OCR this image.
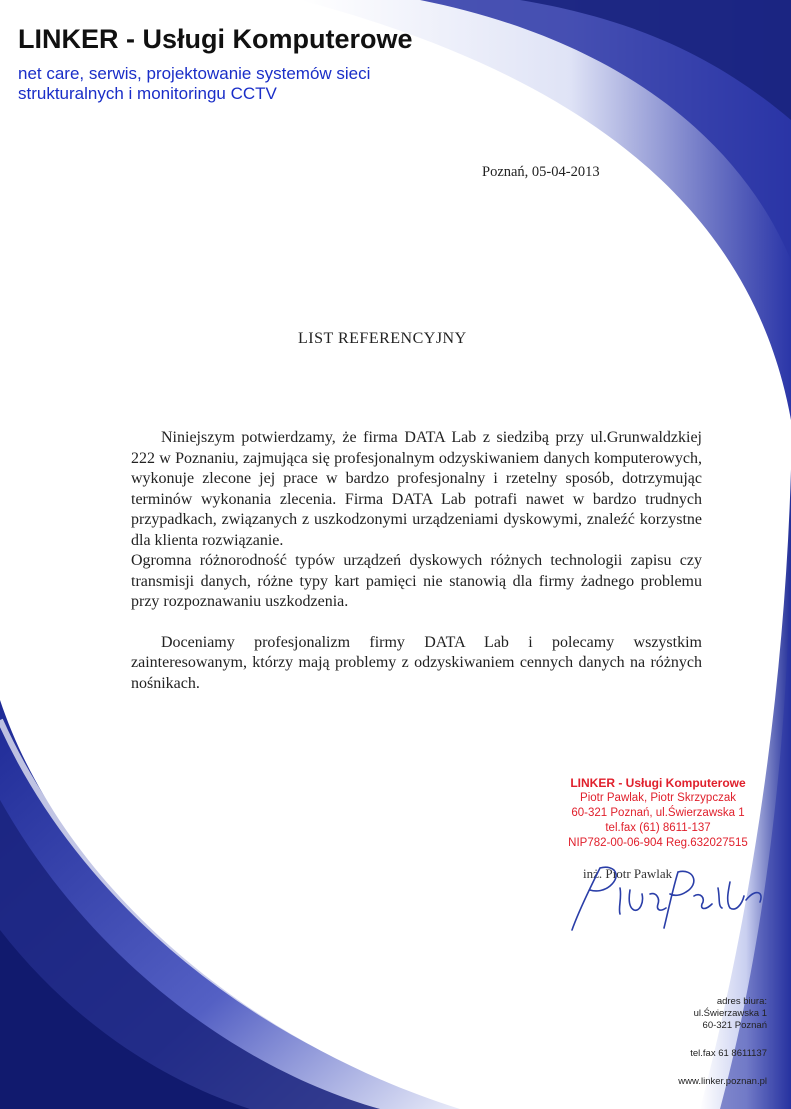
LINKER - Usługi Komputerowe
net care, serwis, projektowanie systemów sieci strukturalnych i monitoringu CCTV
Poznań, 05-04-2013
LIST REFERENCYJNY

Niniejszym potwierdzamy, że firma DATA Lab z siedzibą przy ul.Grunwaldzkiej 222 w Poznaniu, zajmująca się profesjonalnym odzyskiwaniem danych komputerowych, wykonuje zlecone jej prace w bardzo profesjonalny i rzetelny sposób, dotrzymując terminów wykonania zlecenia. Firma DATA Lab potrafi nawet w bardzo trudnych przypadkach, związanych z uszkodzonymi urządzeniami dyskowymi, znaleźć korzystne dla klienta rozwiązanie.

Ogromna różnorodność typów urządzeń dyskowych różnych technologii zapisu czy transmisji danych, różne typy kart pamięci nie stanowią dla firmy żadnego problemu przy rozpoznawaniu uszkodzenia.

Doceniamy profesjonalizm firmy DATA Lab i polecamy wszystkim zainteresowanym, którzy mają problemy z odzyskiwaniem cennych danych na różnych nośnikach.

LINKER - Usługi Komputerowe
Piotr Pawlak, Piotr Skrzypczak
60-321 Poznań, ul.Świerzawska 1
tel.fax (61) 8611-137
NIP782-00-06-904 Reg.632027515
inż. Piotr Pawlak
adres biura:
ul.Świerzawska 1
60-321 Poznań
tel.fax 61 8611137
www.linker.poznan.pl
